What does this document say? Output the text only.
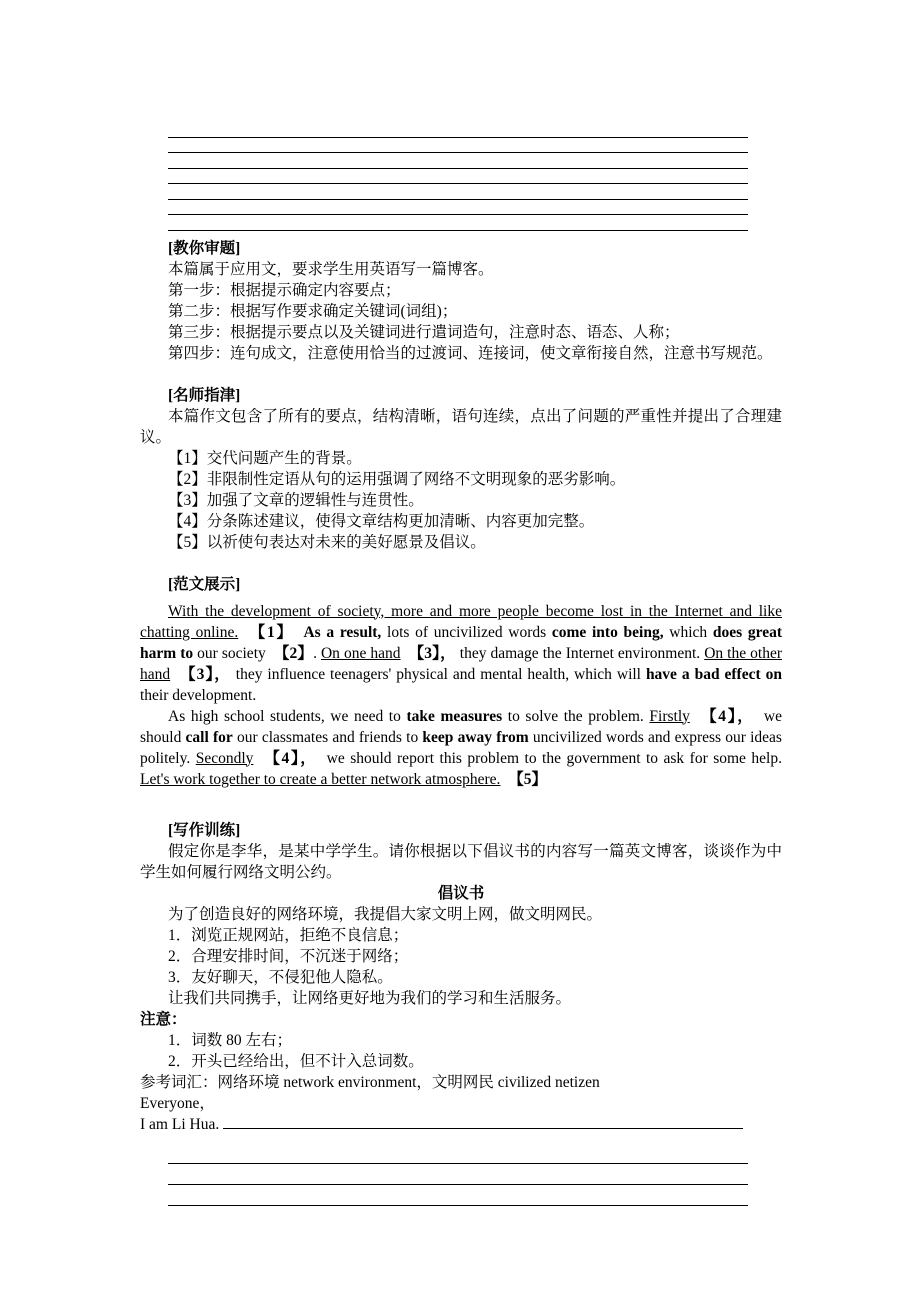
[教你审题]

本篇属于应用文，要求学生用英语写一篇博客。

第一步：根据提示确定内容要点；

第二步：根据写作要求确定关键词(词组)；

第三步：根据提示要点以及关键词进行遣词造句，注意时态、语态、人称；

第四步：连句成文，注意使用恰当的过渡词、连接词，使文章衔接自然，注意书写规范。

[名师指津]

本篇作文包含了所有的要点，结构清晰，语句连续，点出了问题的严重性并提出了合理建议。

【1】交代问题产生的背景。

【2】非限制性定语从句的运用强调了网络不文明现象的恶劣影响。

【3】加强了文章的逻辑性与连贯性。

【4】分条陈述建议，使得文章结构更加清晰、内容更加完整。

【5】以祈使句表达对未来的美好愿景及倡议。

[范文展示]

With the development of society, more and more people become lost in the Internet and like chatting online.　 【1】　 As a result, lots of uncivilized words come into being, which does great harm to our society　【2】. On one hand　 【3】， they damage the Internet environment. On the other hand　 【3】， they influence teenagers' physical and mental health, which will have a bad effect on their development.

As high school students, we need to take measures to solve the problem. Firstly　 【4】，　we should call for our classmates and friends to keep away from uncivilized words and express our ideas politely. Secondly　 【4】，　we should report this problem to the government to ask for some help. Let's work together to create a better network atmosphere.　 【5】

[写作训练]

假定你是李华，是某中学学生。请你根据以下倡议书的内容写一篇英文博客，谈谈作为中学生如何履行网络文明公约。

倡议书

为了创造良好的网络环境，我提倡大家文明上网，做文明网民。

1．浏览正规网站，拒绝不良信息；

2．合理安排时间，不沉迷于网络；

3．友好聊天，不侵犯他人隐私。

让我们共同携手，让网络更好地为我们的学习和生活服务。

注意：

1．词数 80 左右；

2．开头已经给出，但不计入总词数。

参考词汇：网络环境 network environment，文明网民 civilized netizen

Everyone，

I am Li Hua.
